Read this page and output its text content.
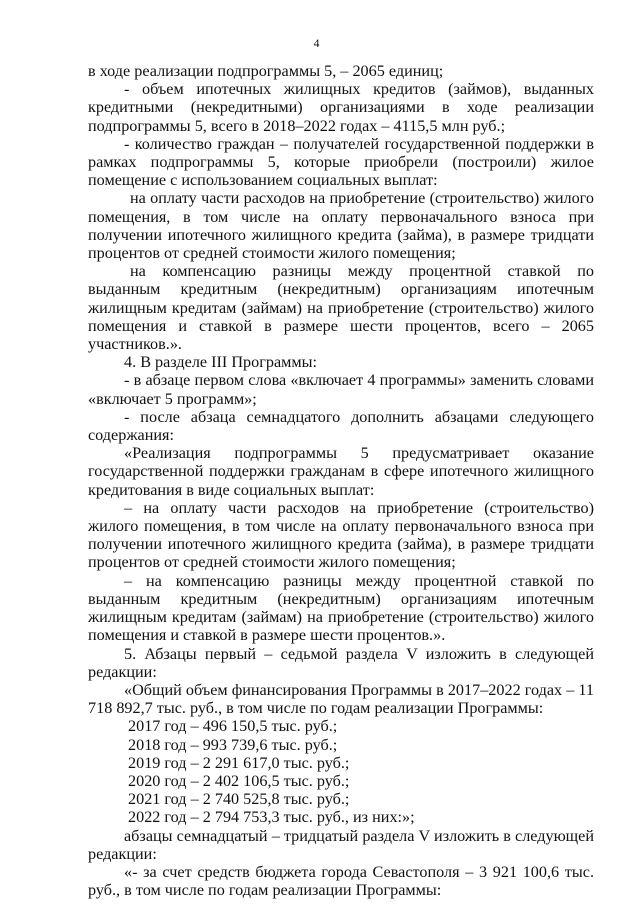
4

в ходе реализации подпрограммы 5, – 2065 единиц;

- объем ипотечных жилищных кредитов (займов), выданных кредитными (некредитными) организациями в ходе реализации подпрограммы 5, всего в 2018–2022 годах – 4115,5 млн руб.;

- количество граждан – получателей государственной поддержки в рамках подпрограммы 5, которые приобрели (построили) жилое помещение с использованием социальных выплат:

на оплату части расходов на приобретение (строительство) жилого помещения, в том числе на оплату первоначального взноса при получении ипотечного жилищного кредита (займа), в размере тридцати процентов от средней стоимости жилого помещения;

на компенсацию разницы между процентной ставкой по выданным кредитным (некредитным) организациям ипотечным жилищным кредитам (займам) на приобретение (строительство) жилого помещения и ставкой в размере шести процентов, всего – 2065 участников.».

4. В разделе III Программы:

- в абзаце первом слова «включает 4 программы» заменить словами «включает 5 программ»;

- после абзаца семнадцатого дополнить абзацами следующего содержания:

«Реализация подпрограммы 5 предусматривает оказание государственной поддержки гражданам в сфере ипотечного жилищного кредитования в виде социальных выплат:

– на оплату части расходов на приобретение (строительство) жилого помещения, в том числе на оплату первоначального взноса при получении ипотечного жилищного кредита (займа), в размере тридцати процентов от средней стоимости жилого помещения;

– на компенсацию разницы между процентной ставкой по выданным кредитным (некредитным) организациям ипотечным жилищным кредитам (займам) на приобретение (строительство) жилого помещения и ставкой в размере шести процентов.».

5. Абзацы первый – седьмой раздела V изложить в следующей редакции:

«Общий объем финансирования Программы в 2017–2022 годах – 11 718 892,7 тыс. руб., в том числе по годам реализации Программы:

2017 год – 496 150,5 тыс. руб.;

2018 год – 993 739,6 тыс. руб.;

2019 год – 2 291 617,0 тыс. руб.;

2020 год – 2 402 106,5 тыс. руб.;

2021 год – 2 740 525,8 тыс. руб.;

2022 год – 2 794 753,3 тыс. руб., из них:»;

абзацы семнадцатый – тридцатый раздела V изложить в следующей редакции:

«- за счет средств бюджета города Севастополя – 3 921 100,6 тыс. руб., в том числе по годам реализации Программы:
